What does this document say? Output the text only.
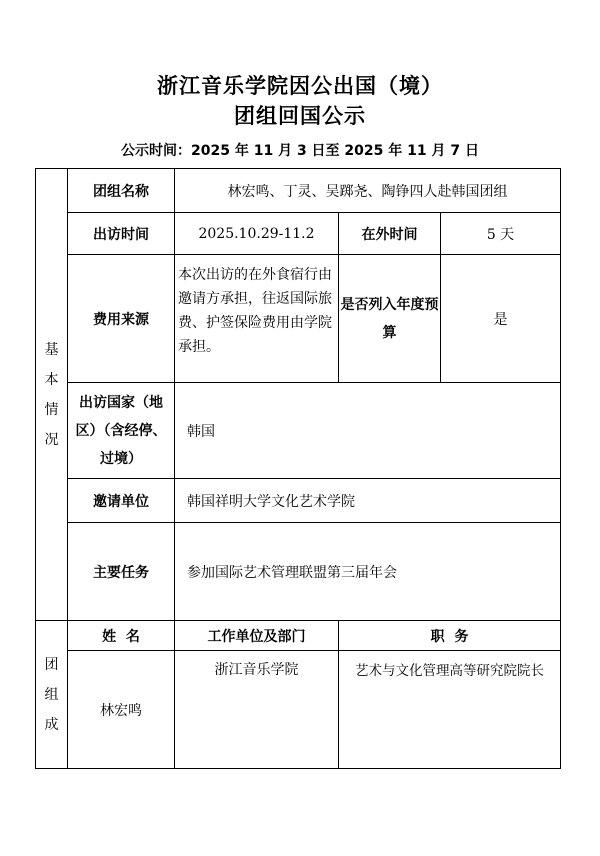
浙江音乐学院因公出国（境）
团组回国公示
公示时间：2025 年 11 月 3 日至 2025 年 11 月 7 日
基
本
情
况	团组名称	林宏鸣、丁灵、吴踯尧、陶铮四人赴韩国团组		
	出访时间	2025.10.29-11.2	在外时间	5 天
	费用来源	本次出访的在外食宿行由邀请方承担，往返国际旅费、护签保险费用由学院承担。	是否列入年度预算	是
	出访国家（地区）（含经停、过境）	韩国		
	邀请单位	韩国祥明大学文化艺术学院		
	主要任务	参加国际艺术管理联盟第三届年会		

团
组
成	姓  名	工作单位及部门	职  务	
	林宏鸣	浙江音乐学院	艺术与文化管理高等研究院院长	
